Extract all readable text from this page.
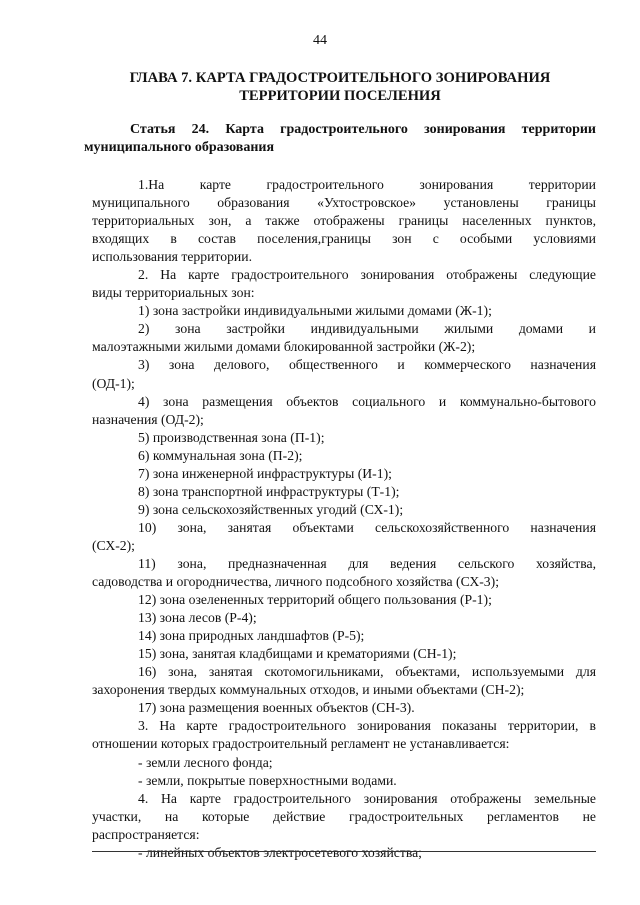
44
ГЛАВА 7. КАРТА ГРАДОСТРОИТЕЛЬНОГО ЗОНИРОВАНИЯ
ТЕРРИТОРИИ ПОСЕЛЕНИЯ
Статья 24. Карта градостроительного зонирования территории
муниципального образования
1.На карте градостроительного зонирования территории
муниципального образования «Ухтостровское» установлены границы
территориальных зон, а также отображены границы населенных пунктов,
входящих в состав поселения,границы зон с особыми условиями
использования территории.
2. На карте градостроительного зонирования отображены следующие
виды территориальных зон:
1) зона застройки индивидуальными жилыми домами (Ж-1);
2) зона застройки индивидуальными жилыми домами и
малоэтажными жилыми домами блокированной застройки (Ж-2);
3) зона делового, общественного и коммерческого назначения
(ОД-1);
4) зона размещения объектов социального и коммунально-бытового
назначения (ОД-2);
5) производственная зона (П-1);
6) коммунальная зона (П-2);
7) зона инженерной инфраструктуры (И-1);
8) зона транспортной инфраструктуры (Т-1);
9) зона сельскохозяйственных угодий (СХ-1);
10) зона, занятая объектами сельскохозяйственного назначения
(СХ-2);
11) зона, предназначенная для ведения сельского хозяйства,
садоводства и огородничества, личного подсобного хозяйства (СХ-3);
12) зона озелененных территорий общего пользования (Р-1);
13) зона лесов (Р-4);
14) зона природных ландшафтов (Р-5);
15) зона, занятая кладбищами и крематориями (СН-1);
16) зона, занятая скотомогильниками, объектами, используемыми для
захоронения твердых коммунальных отходов, и иными объектами (СН-2);
17) зона размещения военных объектов (СН-3).
3. На карте градостроительного зонирования показаны территории, в
отношении которых градостроительный регламент не устанавливается:
- земли лесного фонда;
- земли, покрытые поверхностными водами.
4. На карте градостроительного зонирования отображены земельные
участки, на которые действие градостроительных регламентов не
распространяется:
- линейных объектов электросетевого хозяйства;
